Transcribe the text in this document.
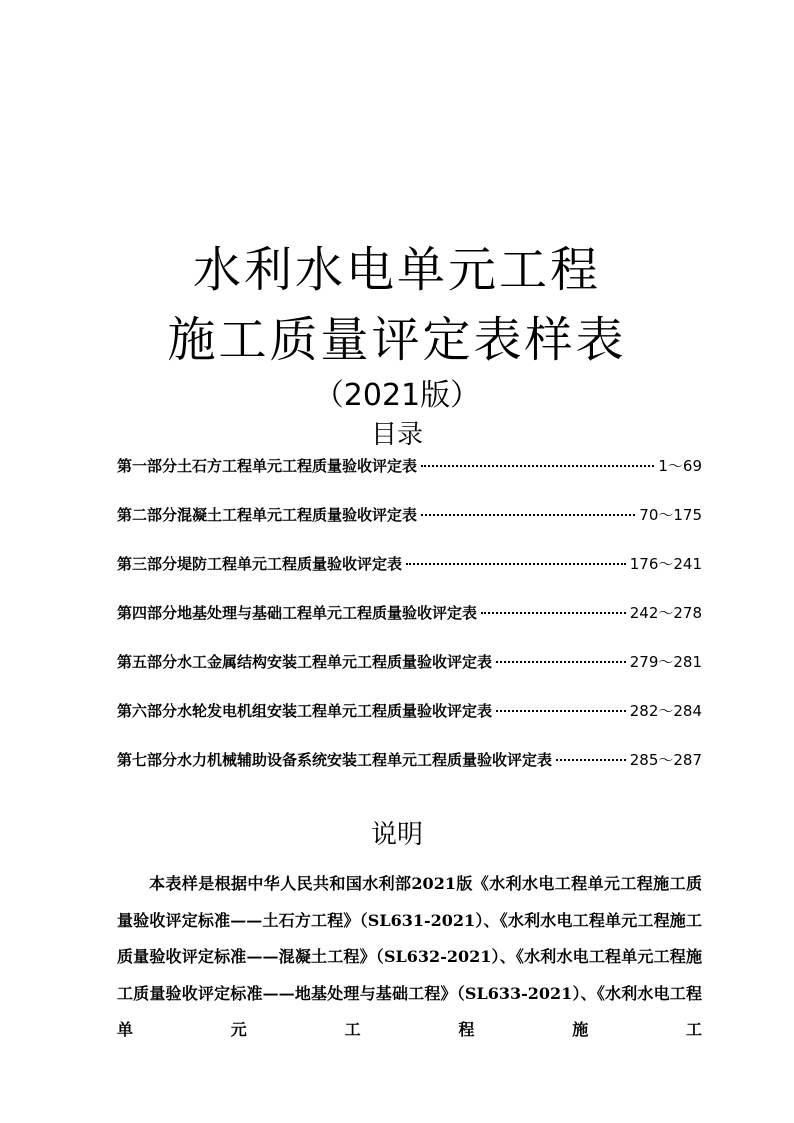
水利水电单元工程
施工质量评定表样表
（2021版）
目录
第一部分土石方工程单元工程质量验收评定表	1～69
第二部分混凝土工程单元工程质量验收评定表	70～175
第三部分堤防工程单元工程质量验收评定表	176～241
第四部分地基处理与基础工程单元工程质量验收评定表	242～278
第五部分水工金属结构安装工程单元工程质量验收评定表	279～281
第六部分水轮发电机组安装工程单元工程质量验收评定表	282～284
第七部分水力机械辅助设备系统安装工程单元工程质量验收评定表	285～287
说明

本表样是根据中华人民共和国水利部2021版《水利水电工程单元工程施工质量验收评定标准——土石方工程》（SL631-2021）、《水利水电工程单元工程施工质量验收评定标准——混凝土工程》（SL632-2021）、《水利水电工程单元工程施工质量验收评定标准——地基处理与基础工程》（SL633-2021）、《水利水电工程单元工程施工
